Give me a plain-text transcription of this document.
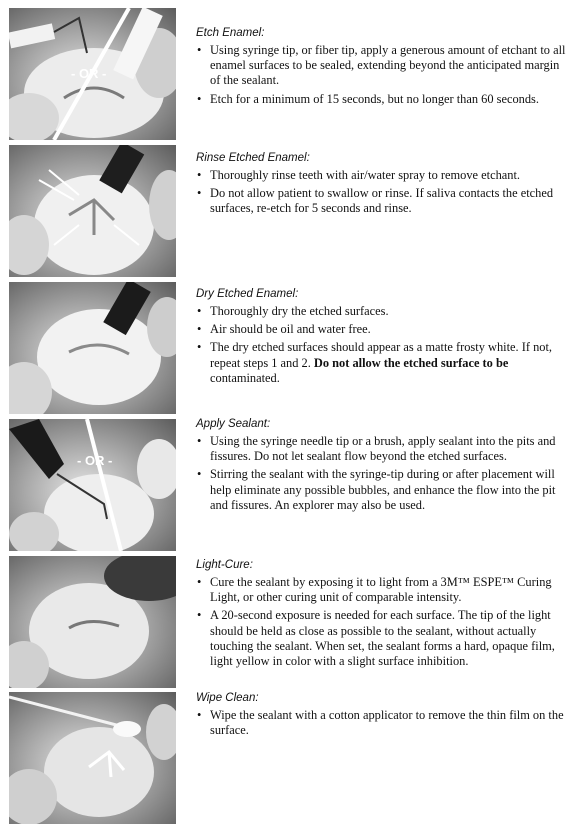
- OR -
Etch Enamel:
• Using syringe tip, or fiber tip, apply a generous amount of etchant to all enamel surfaces to be sealed, extending beyond the anticipated margin of the sealant.
• Etch for a minimum of 15 seconds, but no longer than 60 seconds.
Rinse Etched Enamel:
• Thoroughly rinse teeth with air/water spray to remove etchant.
• Do not allow patient to swallow or rinse. If saliva contacts the etched surfaces, re-etch for 5 seconds and rinse.
Dry Etched Enamel:
• Thoroughly dry the etched surfaces.
• Air should be oil and water free.
• The dry etched surfaces should appear as a matte frosty white. If not, repeat steps 1 and 2. Do not allow the etched surface to be contaminated.
- OR -
Apply Sealant:
• Using the syringe needle tip or a brush, apply sealant into the pits and fissures. Do not let sealant flow beyond the etched surfaces.
• Stirring the sealant with the syringe-tip during or after placement will help eliminate any possible bubbles, and enhance the flow into the pit and fissures. An explorer may also be used.
Light-Cure:
• Cure the sealant by exposing it to light from a 3M™ ESPE™ Curing Light, or other curing unit of comparable intensity.
• A 20-second exposure is needed for each surface. The tip of the light should be held as close as possible to the sealant, without actually touching the sealant. When set, the sealant forms a hard, opaque film, light yellow in color with a slight surface inhibition.
Wipe Clean:
• Wipe the sealant with a cotton applicator to remove the thin film on the surface.
